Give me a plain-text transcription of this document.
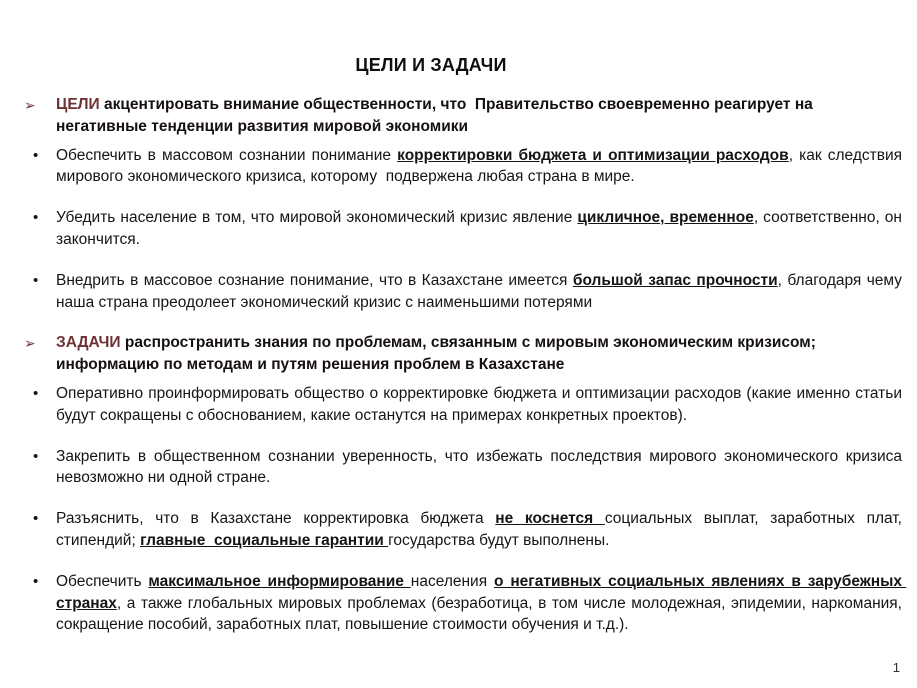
ЦЕЛИ И ЗАДАЧИ
➢	ЦЕЛИ акцентировать внимание общественности, что  Правительство своевременно реагирует на негативные тенденции развития мировой экономики
•	Обеспечить в массовом сознании понимание корректировки бюджета и оптимизации расходов, как следствия мирового экономического кризиса, которому  подвержена любая страна в мире.
•	Убедить население в том, что мировой экономический кризис явление цикличное, временное, соответственно, он закончится.
•	Внедрить в массовое сознание понимание, что в Казахстане имеется большой запас прочности, благодаря чему наша страна преодолеет экономический кризис с наименьшими потерями
➢	ЗАДАЧИ распространить знания по проблемам, связанным с мировым экономическим кризисом; информацию по методам и путям решения проблем в Казахстане
•	Оперативно проинформировать общество о корректировке бюджета и оптимизации расходов (какие именно статьи будут сокращены с обоснованием, какие останутся на примерах конкретных проектов).
•	Закрепить в общественном сознании уверенность, что избежать последствия мирового экономического кризиса невозможно ни одной стране.
•	Разъяснить, что в Казахстане корректировка бюджета не коснется социальных выплат, заработных плат, стипендий; главные  социальные гарантии государства будут выполнены.
•	Обеспечить максимальное информирование населения о негативных социальных явлениях в зарубежных странах, а также глобальных мировых проблемах (безработица, в том числе молодежная, эпидемии, наркомания, сокращение пособий, заработных плат, повышение стоимости обучения и т.д.).
1
